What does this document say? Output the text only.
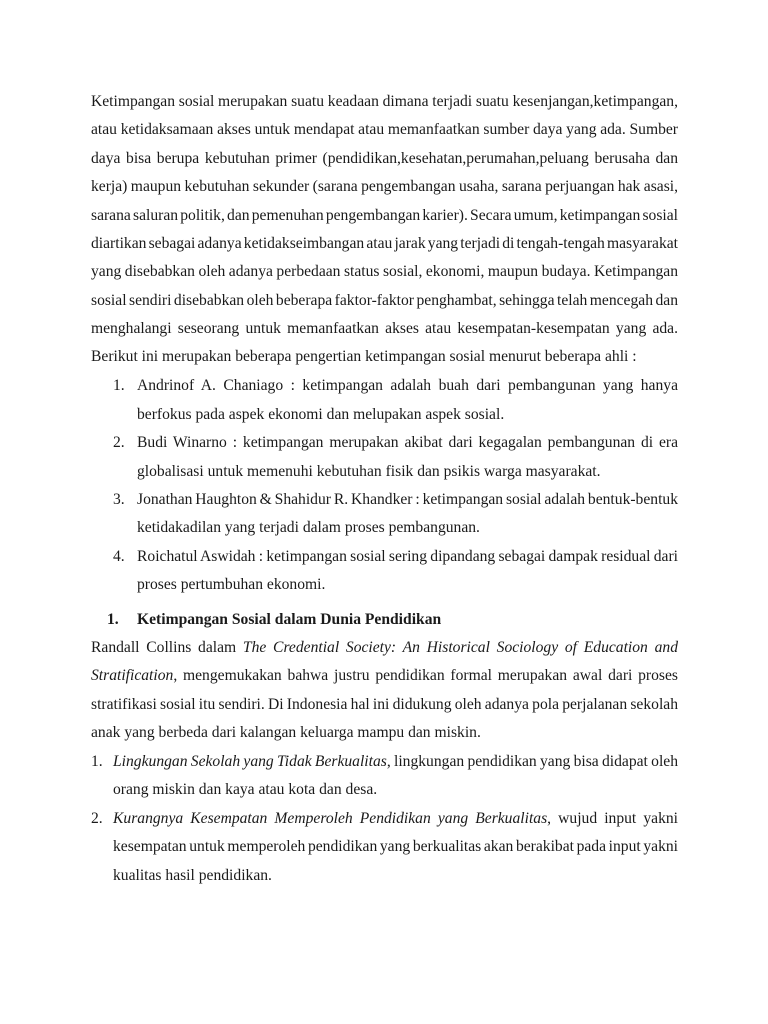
Ketimpangan sosial merupakan suatu keadaan dimana terjadi suatu kesenjangan,ketimpangan,
atau ketidaksamaan akses untuk mendapat atau memanfaatkan sumber daya yang ada. Sumber
daya bisa berupa kebutuhan primer (pendidikan,kesehatan,perumahan,peluang berusaha dan
kerja) maupun kebutuhan sekunder (sarana pengembangan usaha, sarana perjuangan hak asasi,
sarana saluran politik, dan pemenuhan pengembangan karier). Secara umum, ketimpangan sosial
diartikan sebagai adanya ketidakseimbangan atau jarak yang terjadi di tengah-tengah masyarakat
yang disebabkan oleh adanya perbedaan status sosial, ekonomi, maupun budaya. Ketimpangan
sosial sendiri disebabkan oleh beberapa faktor-faktor penghambat, sehingga telah mencegah dan
menghalangi seseorang untuk memanfaatkan akses atau kesempatan-kesempatan yang ada.
Berikut ini merupakan beberapa pengertian ketimpangan sosial menurut beberapa ahli :
1. Andrinof A. Chaniago : ketimpangan adalah buah dari pembangunan yang hanya
berfokus pada aspek ekonomi dan melupakan aspek sosial.
2. Budi Winarno : ketimpangan merupakan akibat dari kegagalan pembangunan di era
globalisasi untuk memenuhi kebutuhan fisik dan psikis warga masyarakat.
3. Jonathan Haughton & Shahidur R. Khandker : ketimpangan sosial adalah bentuk-bentuk
ketidakadilan yang terjadi dalam proses pembangunan.
4. Roichatul Aswidah : ketimpangan sosial sering dipandang sebagai dampak residual dari
proses pertumbuhan ekonomi.
1. Ketimpangan Sosial dalam Dunia Pendidikan
Randall Collins dalam The Credential Society: An Historical Sociology of Education and
Stratification, mengemukakan bahwa justru pendidikan formal merupakan awal dari proses
stratifikasi sosial itu sendiri. Di Indonesia hal ini didukung oleh adanya pola perjalanan sekolah
anak yang berbeda dari kalangan keluarga mampu dan miskin.
1. Lingkungan Sekolah yang Tidak Berkualitas, lingkungan pendidikan yang bisa didapat oleh
orang miskin dan kaya atau kota dan desa.
2. Kurangnya Kesempatan Memperoleh Pendidikan yang Berkualitas, wujud input yakni
kesempatan untuk memperoleh pendidikan yang berkualitas akan berakibat pada input yakni
kualitas hasil pendidikan.
